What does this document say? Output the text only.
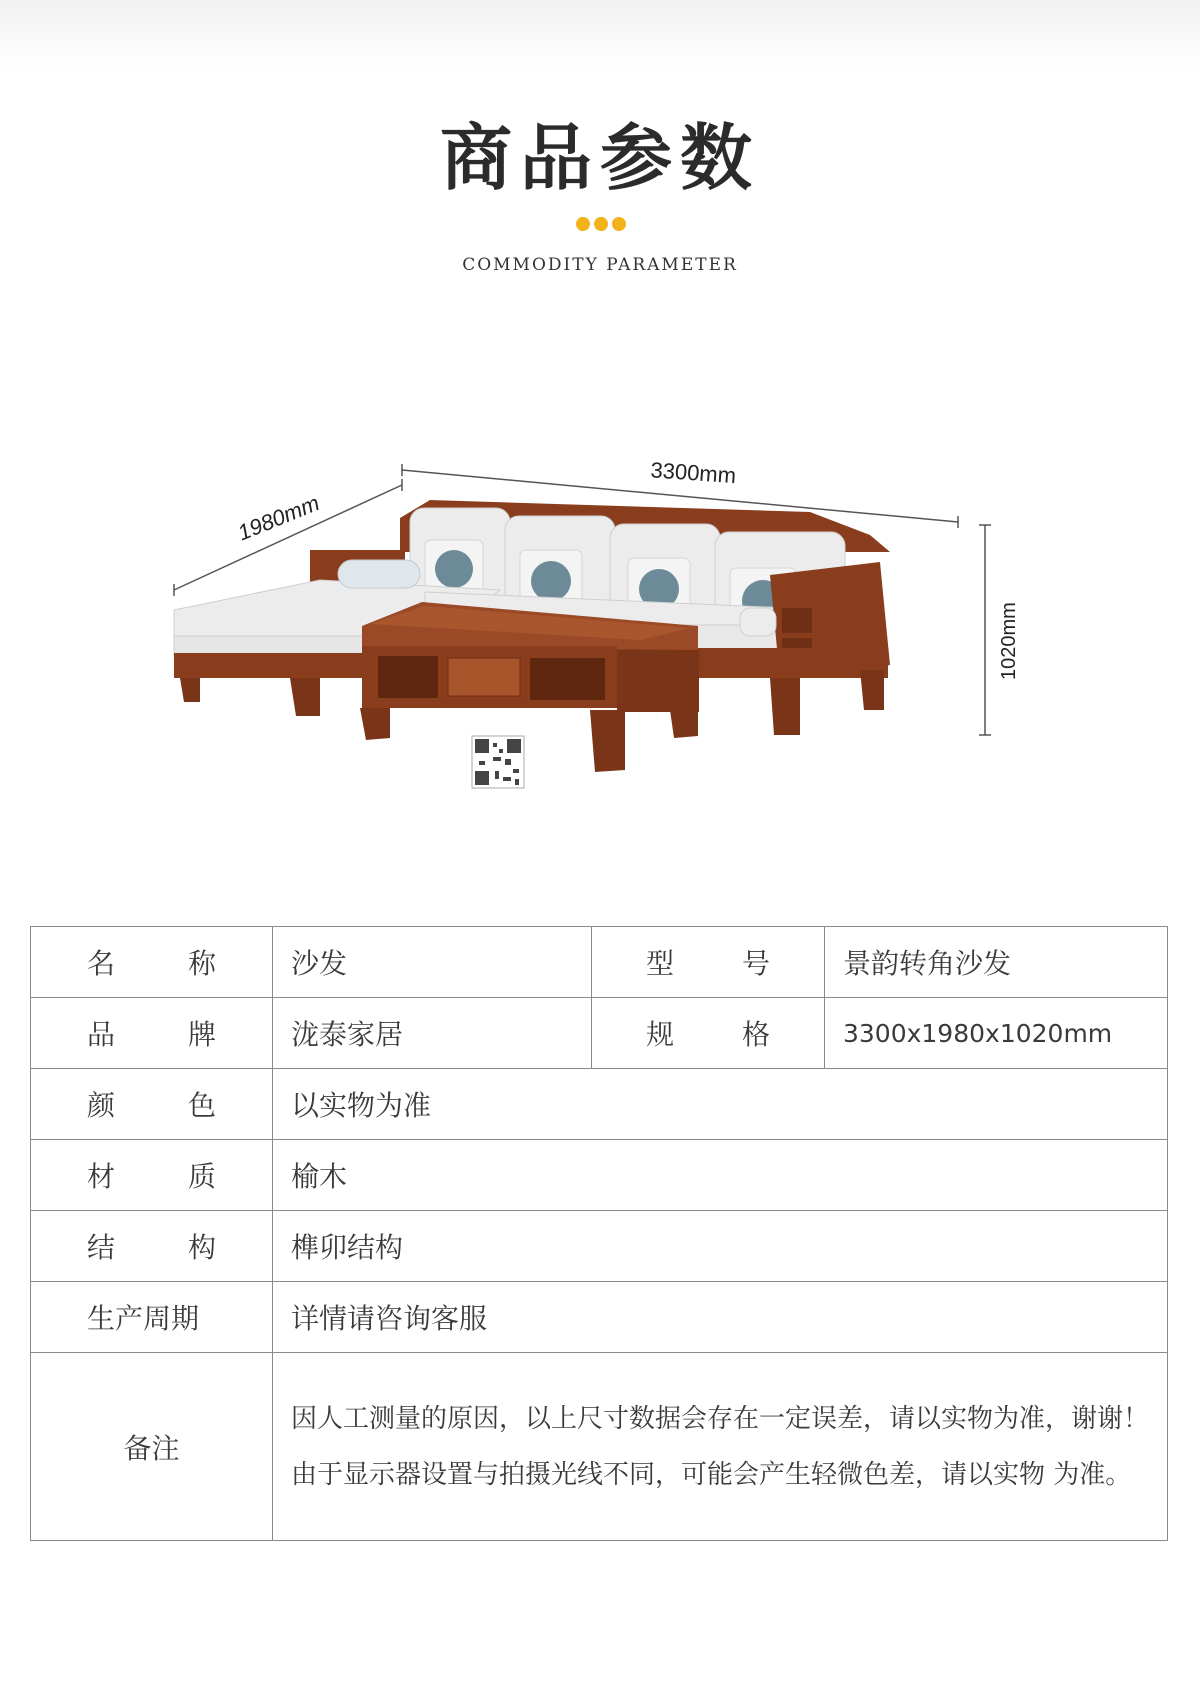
商品参数
COMMODITY PARAMETER
1980mm
3300mm
1020mm
名 称	沙发	型 号	景韵转角沙发

品 牌	泷泰家居	规 格	3300x1980x1020mm

颜 色	以实物为准		

材 质	榆木		

结 构	榫卯结构		

生产周期	详情请咨询客服		

备注	因人工测量的原因，以上尺寸数据会存在一定误差，请以实物为准，谢谢！
由于显示器设置与拍摄光线不同，可能会产生轻微色差，请以实物 为准。		
